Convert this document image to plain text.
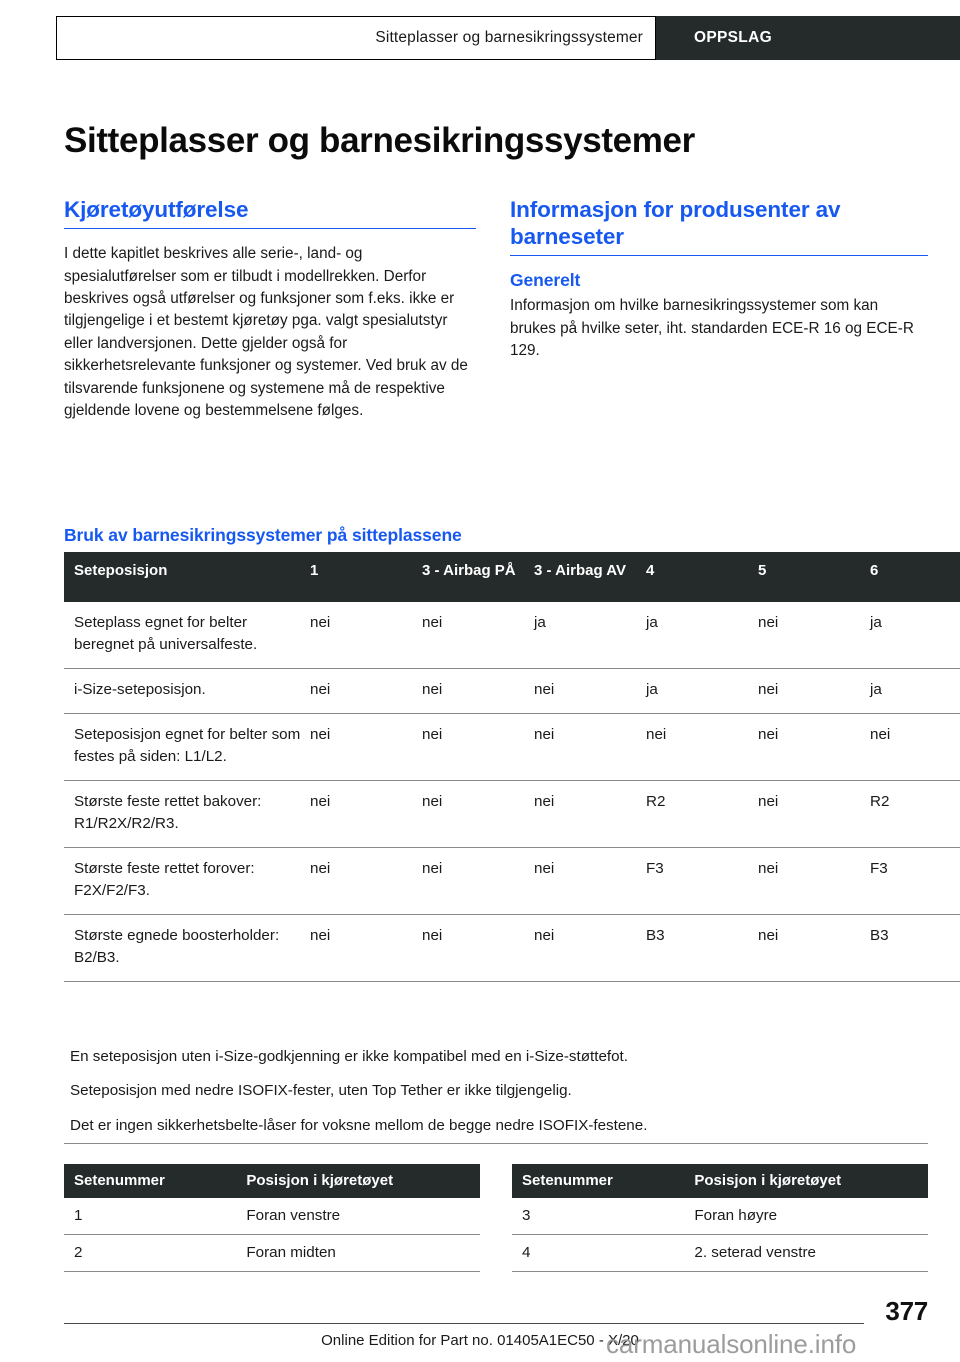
Sitteplasser og barnesikringssystemer	OPPSLAG
Sitteplasser og barnesikringssystemer
Kjøretøyutførelse

I dette kapitlet beskrives alle serie-, land- og spesialutførelser som er tilbudt i modellrekken. Derfor beskrives også utførelser og funksjoner som f.eks. ikke er tilgjengelige i et bestemt kjøretøy pga. valgt spesialutstyr eller landversjonen. Dette gjelder også for sikkerhetsrelevante funksjoner og systemer. Ved bruk av de tilsvarende funksjonene og systemene må de respektive gjeldende lovene og bestemmelsene følges.

Informasjon for produsenter av barneseter
Generelt

Informasjon om hvilke barnesikringssystemer som kan brukes på hvilke seter, iht. standarden ECE-R 16 og ECE-R 129.

Bruk av barnesikringssystemer på sitteplassene
Seteposisjon	1	3 - Airbag PÅ	3 - Airbag AV	4	5	6
Seteplass egnet for belter beregnet på universalfeste.	nei	nei	ja	ja	nei	ja
i-Size-seteposisjon.	nei	nei	nei	ja	nei	ja
Seteposisjon egnet for belter som festes på siden: L1/L2.	nei	nei	nei	nei	nei	nei
Største feste rettet bakover: R1/R2X/R2/R3.	nei	nei	nei	R2	nei	R2
Største feste rettet forover: F2X/F2/F3.	nei	nei	nei	F3	nei	F3
Største egnede boosterholder: B2/B3.	nei	nei	nei	B3	nei	B3
En seteposisjon uten i-Size-godkjenning er ikke kompatibel med en i-Size-støttefot.
Seteposisjon med nedre ISOFIX-fester, uten Top Tether er ikke tilgjengelig.
Det er ingen sikkerhetsbelte-låser for voksne mellom de begge nedre ISOFIX-festene.
Setenummer	Posisjon i kjøretøyet
1	Foran venstre
2	Foran midten
Setenummer	Posisjon i kjøretøyet
3	Foran høyre
4	2. seterad venstre
377
Online Edition for Part no. 01405A1EC50 - X/20
carmanualsonline.info
